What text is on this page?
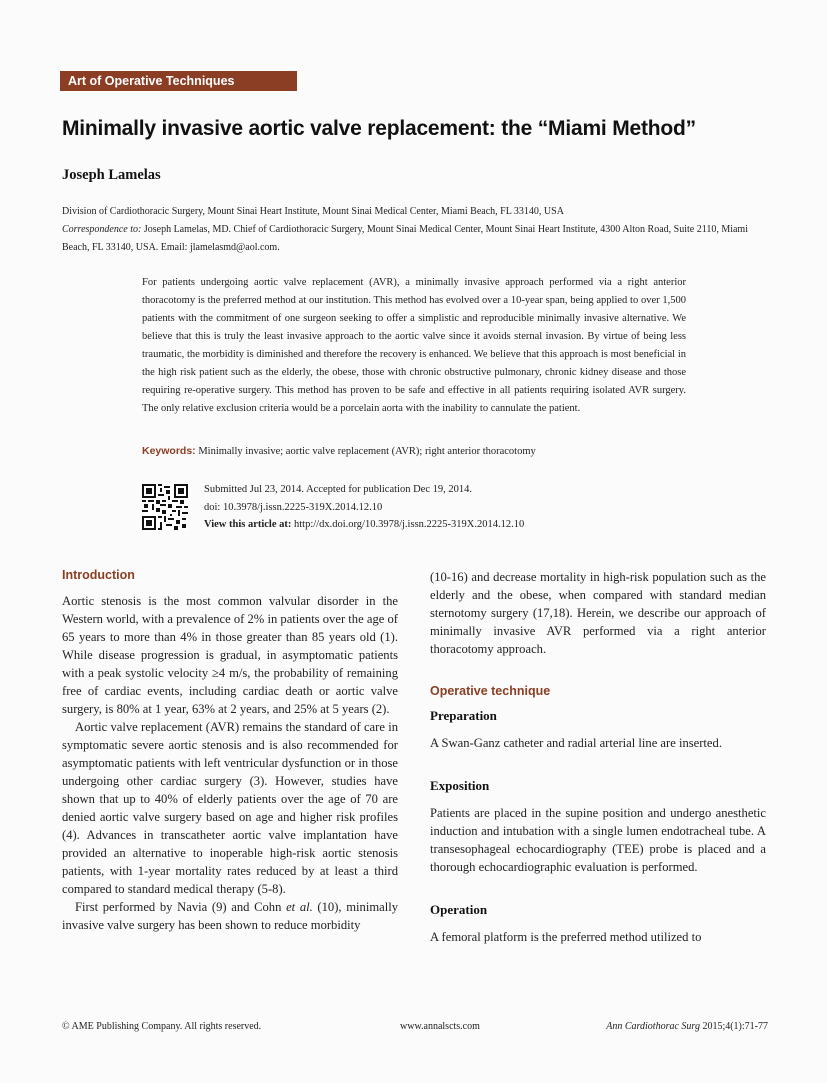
Art of Operative Techniques
Minimally invasive aortic valve replacement: the “Miami Method”
Joseph Lamelas
Division of Cardiothoracic Surgery, Mount Sinai Heart Institute, Mount Sinai Medical Center, Miami Beach, FL 33140, USA
Correspondence to: Joseph Lamelas, MD. Chief of Cardiothoracic Surgery, Mount Sinai Medical Center, Mount Sinai Heart Institute, 4300 Alton Road, Suite 2110, Miami Beach, FL 33140, USA. Email: jlamelasmd@aol.com.

For patients undergoing aortic valve replacement (AVR), a minimally invasive approach performed via a right anterior thoracotomy is the preferred method at our institution. This method has evolved over a 10-year span, being applied to over 1,500 patients with the commitment of one surgeon seeking to offer a simplistic and reproducible minimally invasive alternative. We believe that this is truly the least invasive approach to the aortic valve since it avoids sternal invasion. By virtue of being less traumatic, the morbidity is diminished and therefore the recovery is enhanced. We believe that this approach is most beneficial in the high risk patient such as the elderly, the obese, those with chronic obstructive pulmonary, chronic kidney disease and those requiring re-operative surgery. This method has proven to be safe and effective in all patients requiring isolated AVR surgery. The only relative exclusion criteria would be a porcelain aorta with the inability to cannulate the patient.

Keywords: Minimally invasive; aortic valve replacement (AVR); right anterior thoracotomy
Submitted Jul 23, 2014. Accepted for publication Dec 19, 2014.
doi: 10.3978/j.issn.2225-319X.2014.12.10
View this article at: http://dx.doi.org/10.3978/j.issn.2225-319X.2014.12.10
Introduction

Aortic stenosis is the most common valvular disorder in the Western world, with a prevalence of 2% in patients over the age of 65 years to more than 4% in those greater than 85 years old (1). While disease progression is gradual, in asymptomatic patients with a peak systolic velocity ≥4 m/s, the probability of remaining free of cardiac events, including cardiac death or aortic valve surgery, is 80% at 1 year, 63% at 2 years, and 25% at 5 years (2).

Aortic valve replacement (AVR) remains the standard of care in symptomatic severe aortic stenosis and is also recommended for asymptomatic patients with left ventricular dysfunction or in those undergoing other cardiac surgery (3). However, studies have shown that up to 40% of elderly patients over the age of 70 are denied aortic valve surgery based on age and higher risk profiles (4). Advances in transcatheter aortic valve implantation have provided an alternative to inoperable high-risk aortic stenosis patients, with 1-year mortality rates reduced by at least a third compared to standard medical therapy (5-8).

First performed by Navia (9) and Cohn et al. (10), minimally invasive valve surgery has been shown to reduce morbidity

(10-16) and decrease mortality in high-risk population such as the elderly and the obese, when compared with standard median sternotomy surgery (17,18). Herein, we describe our approach of minimally invasive AVR performed via a right anterior thoracotomy approach.

Operative technique
Preparation

A Swan-Ganz catheter and radial arterial line are inserted.

Exposition

Patients are placed in the supine position and undergo anesthetic induction and intubation with a single lumen endotracheal tube. A transesophageal echocardiography (TEE) probe is placed and a thorough echocardiographic evaluation is performed.

Operation

A femoral platform is the preferred method utilized to

© AME Publishing Company. All rights reserved.	www.annalscts.com	Ann Cardiothorac Surg 2015;4(1):71-77
